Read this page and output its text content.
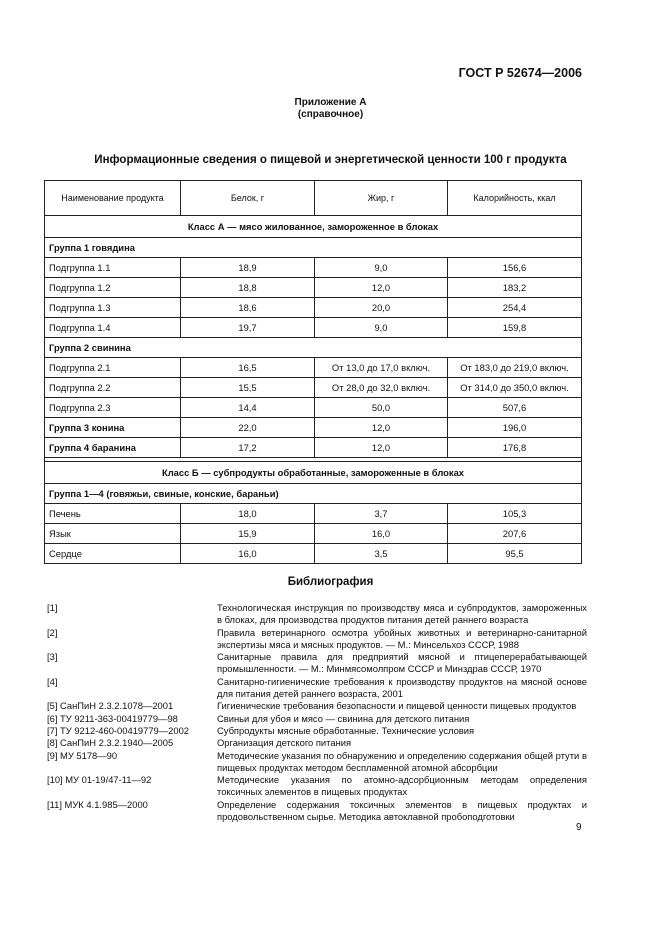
ГОСТ Р 52674—2006
Приложение А
(справочное)
Информационные сведения о пищевой и энергетической ценности 100 г продукта
Наименование продукта	Белок, г	Жир, г	Калорийность, ккал
Класс А — мясо жилованное, замороженное в блоках			
Группа 1 говядина			
Подгруппа 1.1	18,9	9,0	156,6
Подгруппа 1.2	18,8	12,0	183,2
Подгруппа 1.3	18,6	20,0	254,4
Подгруппа 1.4	19,7	9,0	159,8
Группа 2 свинина			
Подгруппа 2.1	16,5	От 13,0 до 17,0 включ.	От 183,0 до 219,0 включ.
Подгруппа 2.2	15,5	От 28,0 до 32,0 включ.	От 314,0 до 350,0 включ.
Подгруппа 2.3	14,4	50,0	507,6
Группа 3 конина	22,0	12,0	196,0
Группа 4 баранина	17,2	12,0	176,8

Класс Б — субпродукты обработанные, замороженные в блоках			
Группа 1—4 (говяжьи, свиные, конские, бараньи)			
Печень	18,0	3,7	105,3
Язык	15,9	16,0	207,6
Сердце	16,0	3,5	95,5
Библиография
[1]	Технологическая инструкция по производству мяса и субпродуктов, замороженных в блоках, для производства продуктов питания детей раннего возраста
[2]	Правила ветеринарного осмотра убойных животных и ветеринарно-санитарной экспертизы мяса и мясных продуктов. — М.: Минсельхоз СССР, 1988
[3]	Санитарные правила для предприятий мясной и птицеперерабатывающей промышленности. — М.: Минмясомолпром СССР и Минздрав СССР, 1970
[4]	Санитарно-гигиенические требования к производству продуктов на мясной основе для питания детей раннего возраста, 2001
[5] СанПиН 2.3.2.1078—2001	Гигиенические требования безопасности и пищевой ценности пищевых продуктов
[6] ТУ 9211-363-00419779—98	Свиньи для убоя и мясо — свинина для детского питания
[7] ТУ 9212-460-00419779—2002	Субпродукты мясные обработанные. Технические условия
[8] СанПиН 2.3.2.1940—2005	Организация детского питания
[9] МУ 5178—90	Методические указания по обнаружению и определению содержания общей ртути в пищевых продуктах методом беспламенной атомной абсорбции
[10] МУ 01-19/47-11—92	Методические указания по атомно-адсорбционным методам определения токсичных элементов в пищевых продуктах
[11] МУК 4.1.985—2000	Определение содержания токсичных элементов в пищевых продуктах и продовольственном сырье. Методика автоклавной пробоподготовки
9
